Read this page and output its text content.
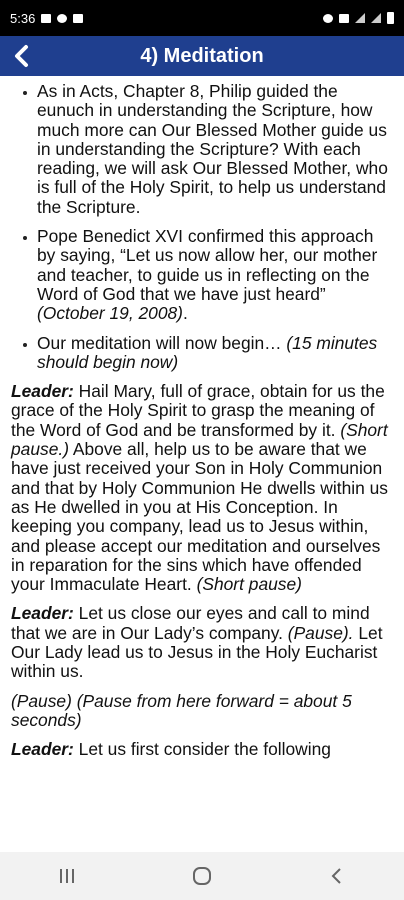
5:36
4) Meditation
As in Acts, Chapter 8, Philip guided the eunuch in understanding the Scripture, how much more can Our Blessed Mother guide us in understanding the Scripture? With each reading, we will ask Our Blessed Mother, who is full of the Holy Spirit, to help us understand the Scripture.
Pope Benedict XVI confirmed this approach by saying, “Let us now allow her, our mother and teacher, to guide us in reflecting on the Word of God that we have just heard” (October 19, 2008).
Our meditation will now begin… (15 minutes should begin now)

Leader: Hail Mary, full of grace, obtain for us the grace of the Holy Spirit to grasp the meaning of the Word of God and be transformed by it. (Short pause.) Above all, help us to be aware that we have just received your Son in Holy Communion and that by Holy Communion He dwells within us as He dwelled in you at His Conception. In keeping you company, lead us to Jesus within, and please accept our meditation and ourselves in reparation for the sins which have offended your Immaculate Heart. (Short pause)

Leader: Let us close our eyes and call to mind that we are in Our Lady’s company. (Pause). Let Our Lady lead us to Jesus in the Holy Eucharist within us.

(Pause) (Pause from here forward = about 5 seconds)

Leader: Let us first consider the following
